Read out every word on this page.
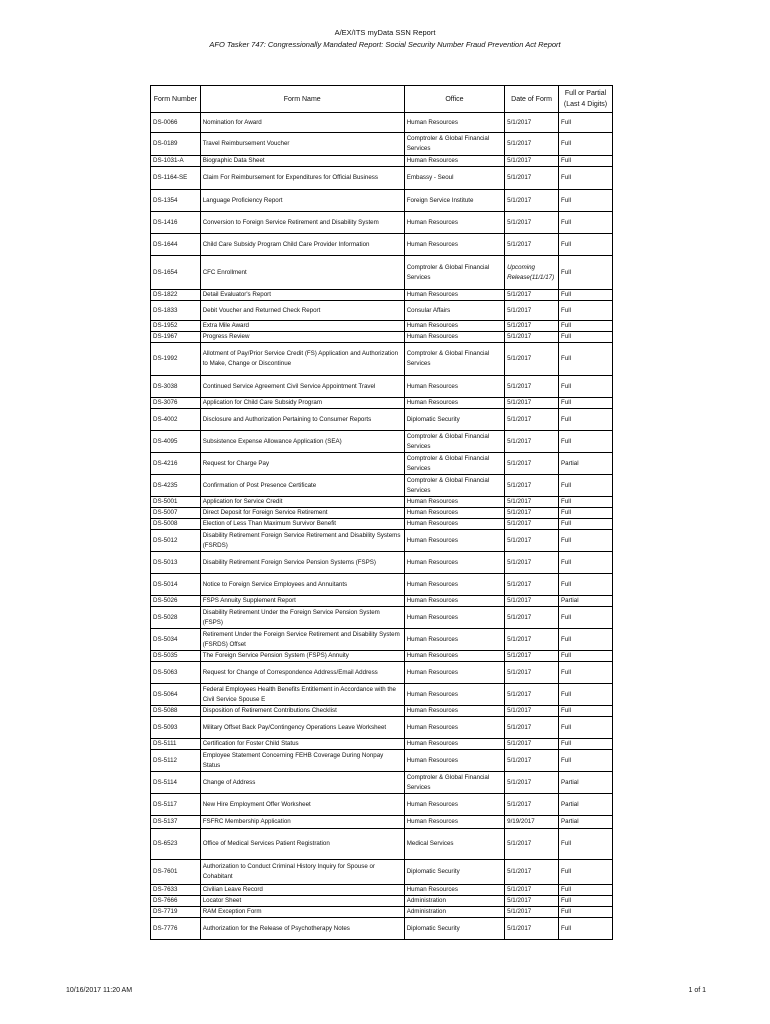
A/EX/ITS myData SSN Report
AFO Tasker 747: Congressionally Mandated Report: Social Security Number Fraud Prevention Act Report
Form Number	Form Name	Office	Date of Form	Full or Partial (Last 4 Digits)
DS-0066	Nomination for Award	Human Resources	5/1/2017	Full
DS-0189	Travel Reimbursement Voucher	Comptroler & Global Financial Services	5/1/2017	Full
DS-1031-A	Biographic Data Sheet	Human Resources	5/1/2017	Full
DS-1164-SE	Claim For Reimbursement for Expenditures for Official Business	Embassy - Seoul	5/1/2017	Full
DS-1354	Language Proficiency Report	Foreign Service Institute	5/1/2017	Full
DS-1416	Conversion to Foreign Service Retirement and Disability System	Human Resources	5/1/2017	Full
DS-1644	Child Care Subsidy Program Child Care Provider Information	Human Resources	5/1/2017	Full
DS-1654	CFC Enrollment	Comptroler & Global Financial Services	Upcoming Release(11/1/17)	Full
DS-1822	Detail Evaluator's Report	Human Resources	5/1/2017	Full
DS-1833	Debit Voucher and Returned Check Report	Consular Affairs	5/1/2017	Full
DS-1952	Extra Mile Award	Human Resources	5/1/2017	Full
DS-1967	Progress Review	Human Resources	5/1/2017	Full
DS-1992	Allotment of Pay/Prior Service Credit (FS) Application and Authorization to Make, Change or Discontinue	Comptroler & Global Financial Services	5/1/2017	Full
DS-3038	Continued Service Agreement Civil Service Appointment Travel	Human Resources	5/1/2017	Full
DS-3076	Application for Child Care Subsidy Program	Human Resources	5/1/2017	Full
DS-4002	Disclosure and Authorization Pertaining to Consumer Reports	Diplomatic Security	5/1/2017	Full
DS-4095	Subsistence Expense Allowance Application (SEA)	Comptroler & Global Financial Services	5/1/2017	Full
DS-4216	Request for Charge Pay	Comptroler & Global Financial Services	5/1/2017	Partial
DS-4235	Confirmation of Post Presence Certificate	Comptroler & Global Financial Services	5/1/2017	Full
DS-5001	Application for Service Credit	Human Resources	5/1/2017	Full
DS-5007	Direct Deposit for Foreign Service Retirement	Human Resources	5/1/2017	Full
DS-5008	Election of Less Than Maximum Survivor Benefit	Human Resources	5/1/2017	Full
DS-5012	Disability Retirement Foreign Service Retirement and Disability Systems (FSRDS)	Human Resources	5/1/2017	Full
DS-5013	Disability Retirement Foreign Service Pension Systems (FSPS)	Human Resources	5/1/2017	Full
DS-5014	Notice to Foreign Service Employees and Annuitants	Human Resources	5/1/2017	Full
DS-5026	FSPS Annuity Supplement Report	Human Resources	5/1/2017	Partial
DS-5028	Disability Retirement Under the Foreign Service Pension System (FSPS)	Human Resources	5/1/2017	Full
DS-5034	Retirement Under the Foreign Service Retirement and Disability System (FSRDS) Offset	Human Resources	5/1/2017	Full
DS-5035	The Foreign Service Pension System (FSPS) Annuity	Human Resources	5/1/2017	Full
DS-5063	Request for Change of Correspondence Address/Email Address	Human Resources	5/1/2017	Full
DS-5064	Federal Employees Health Benefits Entitlement in Accordance with the Civil Service Spouse E	Human Resources	5/1/2017	Full
DS-5088	Disposition of Retirement Contributions Checklist	Human Resources	5/1/2017	Full
DS-5093	Military Offset Back Pay/Contingency Operations Leave Worksheet	Human Resources	5/1/2017	Full
DS-5111	Certification for Foster Child Status	Human Resources	5/1/2017	Full
DS-5112	Employee Statement Concerning FEHB Coverage During Nonpay Status	Human Resources	5/1/2017	Full
DS-5114	Change of Address	Comptroler & Global Financial Services	5/1/2017	Partial
DS-5117	New Hire Employment Offer Worksheet	Human Resources	5/1/2017	Partial
DS-5137	FSFRC Membership Application	Human Resources	9/19/2017	Partial
DS-6523	Office of Medical Services Patient Registration	Medical Services	5/1/2017	Full
DS-7601	Authorization to Conduct Criminal History Inquiry for Spouse or Cohabitant	Diplomatic Security	5/1/2017	Full
DS-7633	Civilian Leave Record	Human Resources	5/1/2017	Full
DS-7666	Locator Sheet	Administration	5/1/2017	Full
DS-7719	RAM Exception Form	Administration	5/1/2017	Full
DS-7776	Authorization for the Release of Psychotherapy Notes	Diplomatic Security	5/1/2017	Full
10/16/2017 11:20 AM	1 of 1
